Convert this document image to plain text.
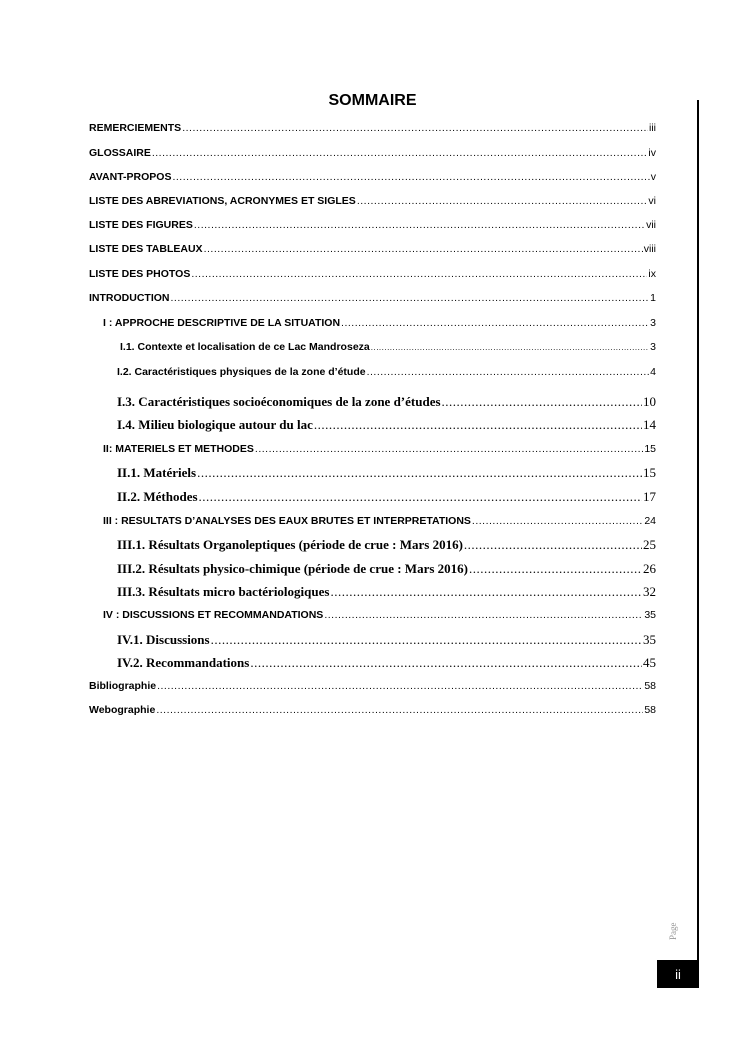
SOMMAIRE
REMERCIEMENTS .....	iii
GLOSSAIRE .....	iv
AVANT-PROPOS .....	v
LISTE DES ABREVIATIONS, ACRONYMES ET SIGLES .....	vi
LISTE DES FIGURES .....	vii
LISTE DES TABLEAUX .....	viii
LISTE DES PHOTOS .....	ix
INTRODUCTION .....	1
I : APPROCHE DESCRIPTIVE DE LA SITUATION .....	3
I.1. Contexte et localisation de ce Lac Mandroseza .....	3
I.2. Caractéristiques physiques de la zone d’étude .....	4
I.3. Caractéristiques socioéconomiques de la zone d’études .....	10
I.4. Milieu biologique autour du lac .....	14
II: MATERIELS ET METHODES .....	15
II.1. Matériels .....	15
II.2. Méthodes .....	17
III : RESULTATS D’ANALYSES DES EAUX BRUTES ET INTERPRETATIONS .....	24
III.1. Résultats Organoleptiques (période de crue : Mars 2016) .....	25
III.2. Résultats physico-chimique (période de crue : Mars 2016) .....	26
III.3. Résultats micro bactériologiques .....	32
IV : DISCUSSIONS ET RECOMMANDATIONS .....	35
IV.1. Discussions .....	35
IV.2. Recommandations .....	45
Bibliographie .....	58
Webographie .....	58
Page
ii
